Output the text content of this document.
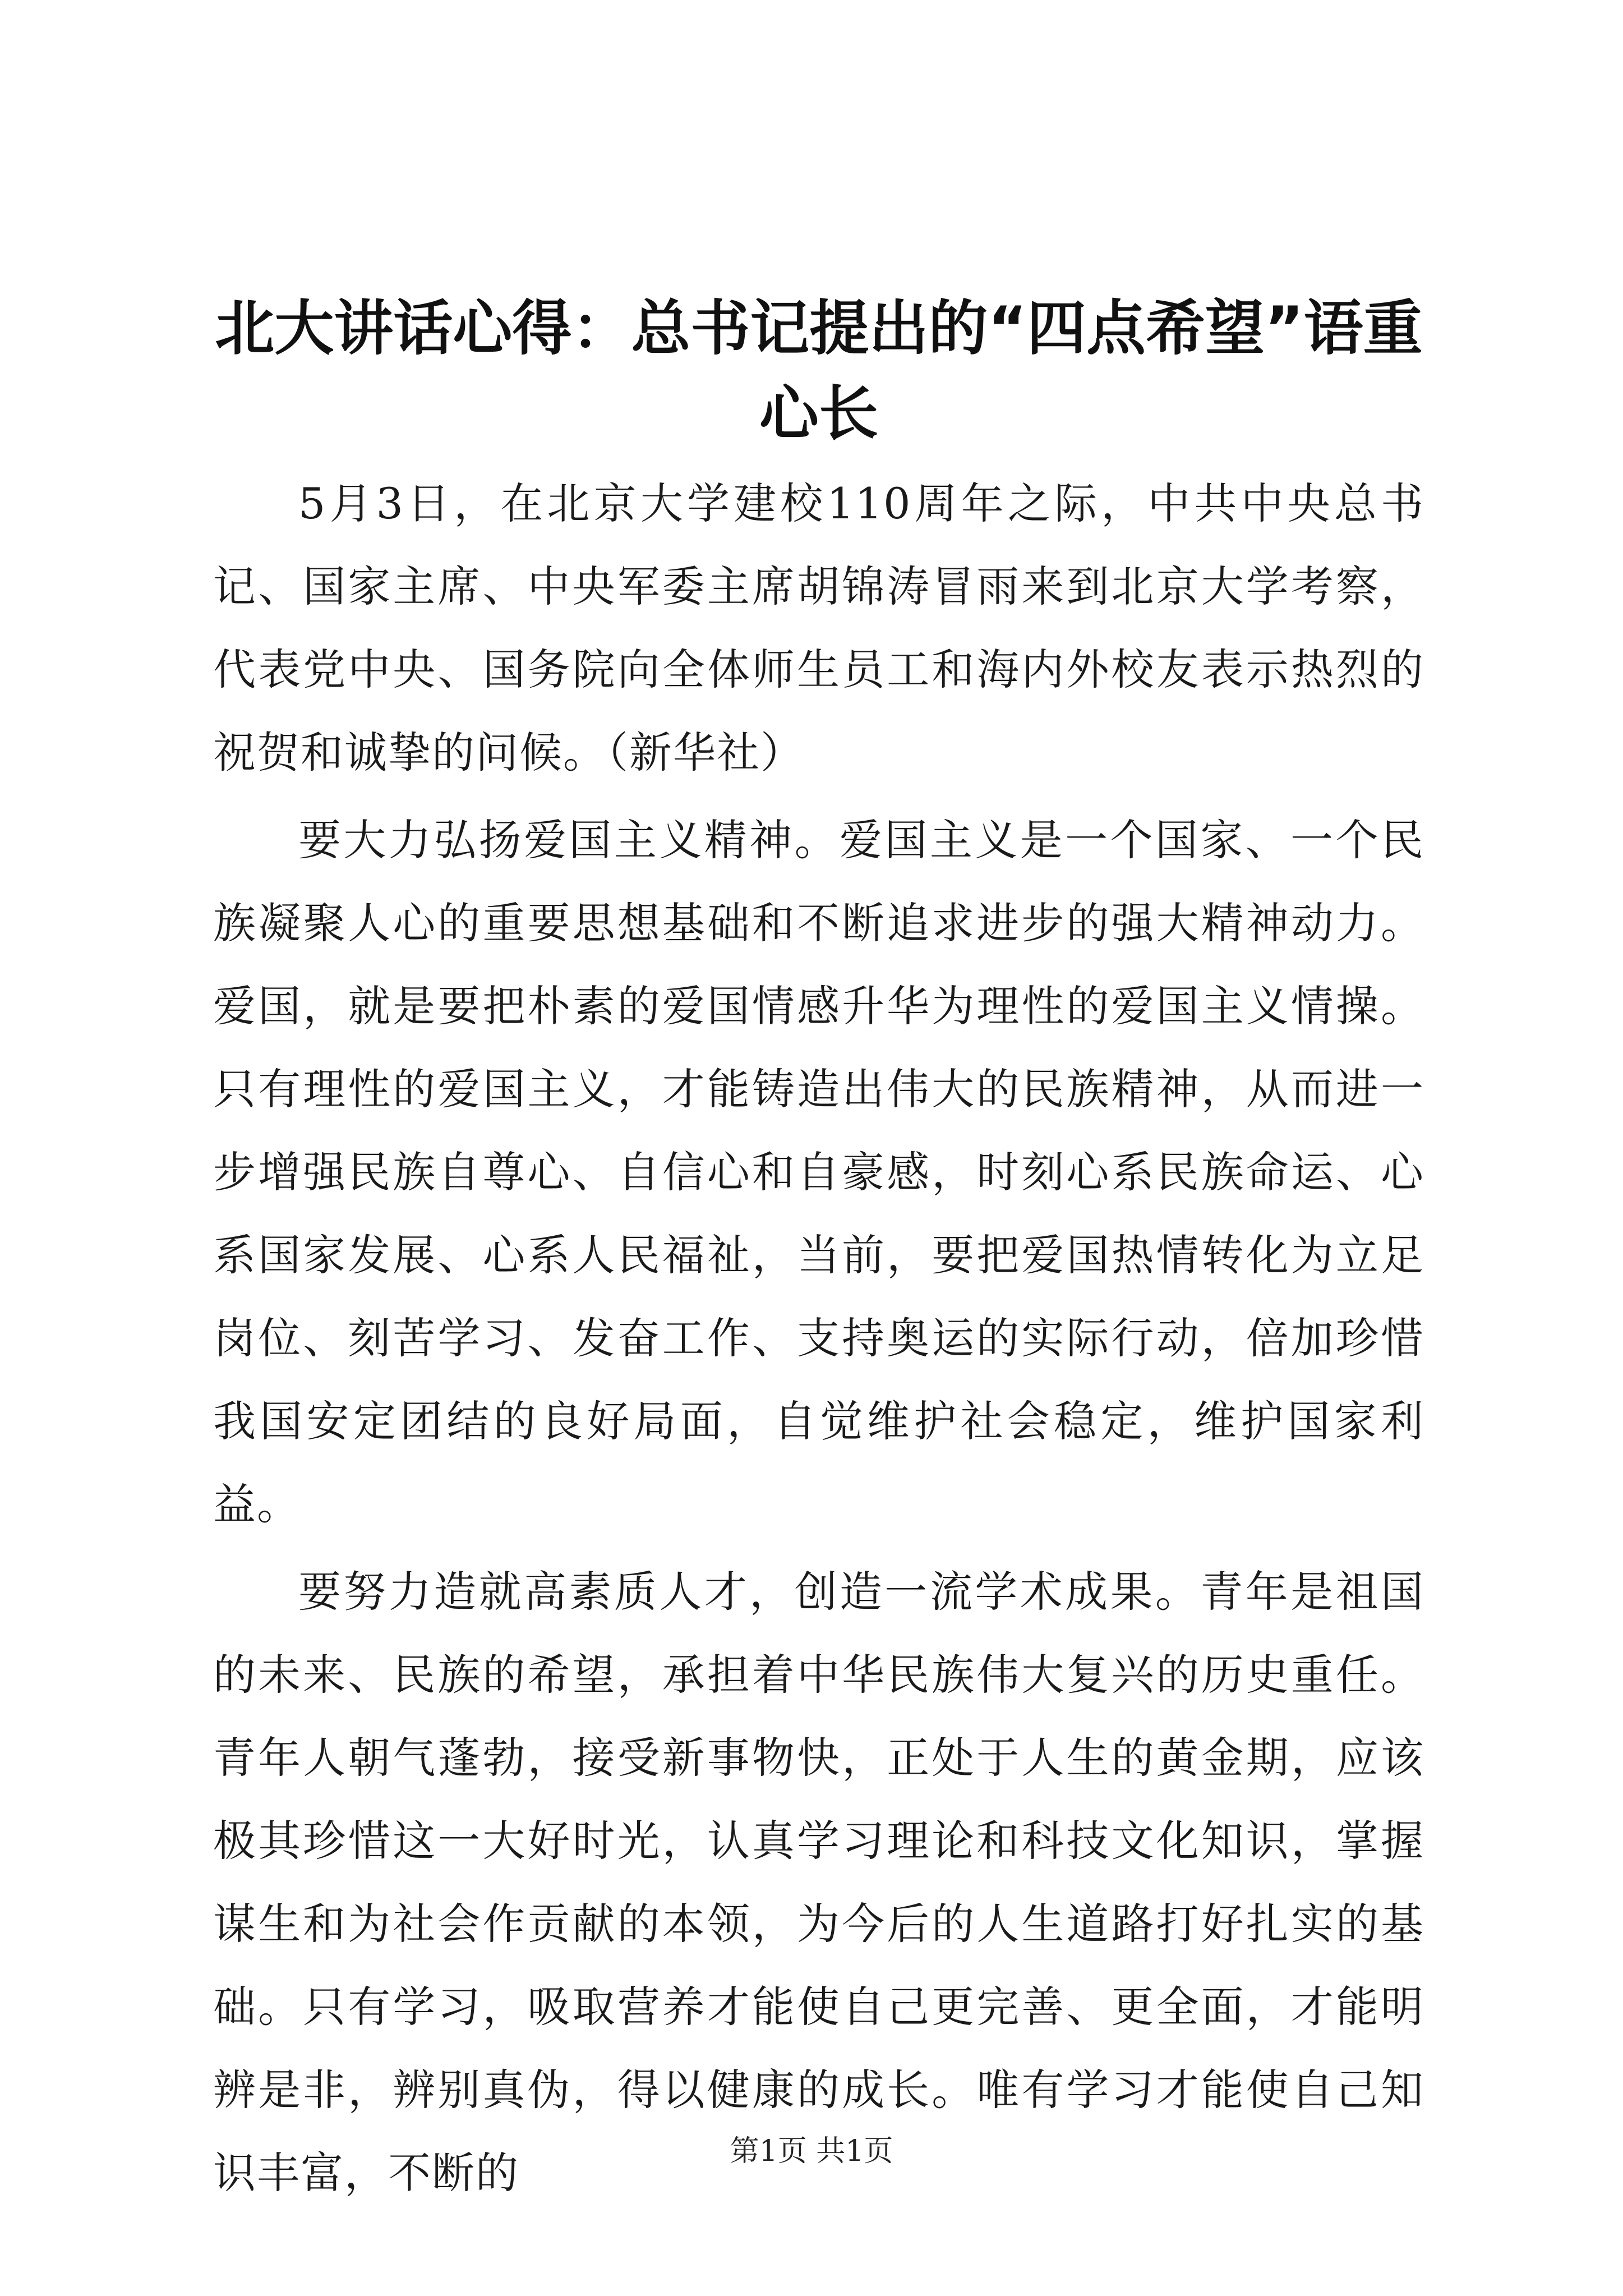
北大讲话心得：总书记提出的“四点希望”语重心长

5月3日，在北京大学建校110周年之际，中共中央总书记、国家主席、中央军委主席胡锦涛冒雨来到北京大学考察，代表党中央、国务院向全体师生员工和海内外校友表示热烈的祝贺和诚挚的问候。（新华社）

要大力弘扬爱国主义精神。爱国主义是一个国家、一个民族凝聚人心的重要思想基础和不断追求进步的强大精神动力。爱国，就是要把朴素的爱国情感升华为理性的爱国主义情操。只有理性的爱国主义，才能铸造出伟大的民族精神，从而进一步增强民族自尊心、自信心和自豪感，时刻心系民族命运、心系国家发展、心系人民福祉，当前，要把爱国热情转化为立足岗位、刻苦学习、发奋工作、支持奥运的实际行动，倍加珍惜我国安定团结的良好局面，自觉维护社会稳定，维护国家利益。

要努力造就高素质人才，创造一流学术成果。青年是祖国的未来、民族的希望，承担着中华民族伟大复兴的历史重任。青年人朝气蓬勃，接受新事物快，正处于人生的黄金期，应该极其珍惜这一大好时光，认真学习理论和科技文化知识，掌握谋生和为社会作贡献的本领，为今后的人生道路打好扎实的基础。只有学习，吸取营养才能使自己更完善、更全面，才能明辨是非，辨别真伪，得以健康的成长。唯有学习才能使自己知识丰富，不断的	第1页 共1页
